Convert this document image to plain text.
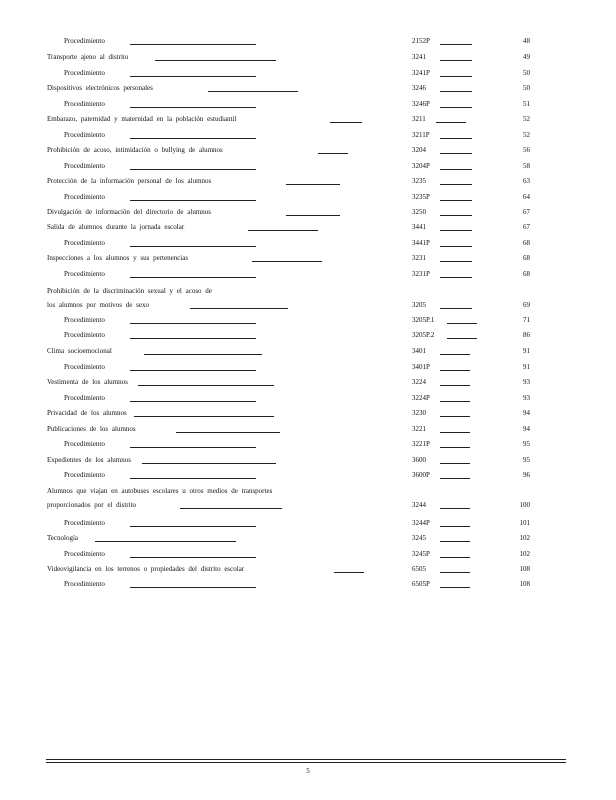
Procedimiento	2152P	48
Transporte ajeno al distrito	3241	49
Procedimiento	3241P	50
Dispositivos electrónicos personales	3246	50
Procedimiento	3246P	51
Embarazo, paternidad y maternidad en la población estudiantil	3211	52
Procedimiento	3211P	52
Prohibición de acoso, intimidación o bullying de alumnos	3204	56
Procedimiento	3204P	58
Protección de la información personal de los alumnos	3235	63
Procedimiento	3235P	64
Divulgación de información del directorio de alumnos	3250	67
Salida de alumnos durante la jornada escolar	3441	67
Procedimiento	3441P	68
Inspecciones a los alumnos y sus pertenencias	3231	68
Procedimiento	3231P	68
Prohibición de la discriminación sexual y el acoso de
los alumnos por motivos de sexo	3205	69
Procedimiento	3205P.1	71
Procedimiento	3205P.2	86
Clima socioemocional	3401	91
Procedimiento	3401P	91
Vestimenta de los alumnos	3224	93
Procedimiento	3224P	93
Privacidad de los alumnos	3230	94
Publicaciones de los alumnos	3221	94
Procedimiento	3221P	95
Expedientes de los alumnos	3600	95
Procedimiento	3600P	96
Alumnos que viajan en autobuses escolares u otros medios de transportes
proporcionados por el distrito	3244	100
Procedimiento	3244P	101
Tecnología	3245	102
Procedimiento	3245P	102
Videovigilancia en los terrenos o propiedades del distrito escolar	6505	108
Procedimiento	6505P	108
5
